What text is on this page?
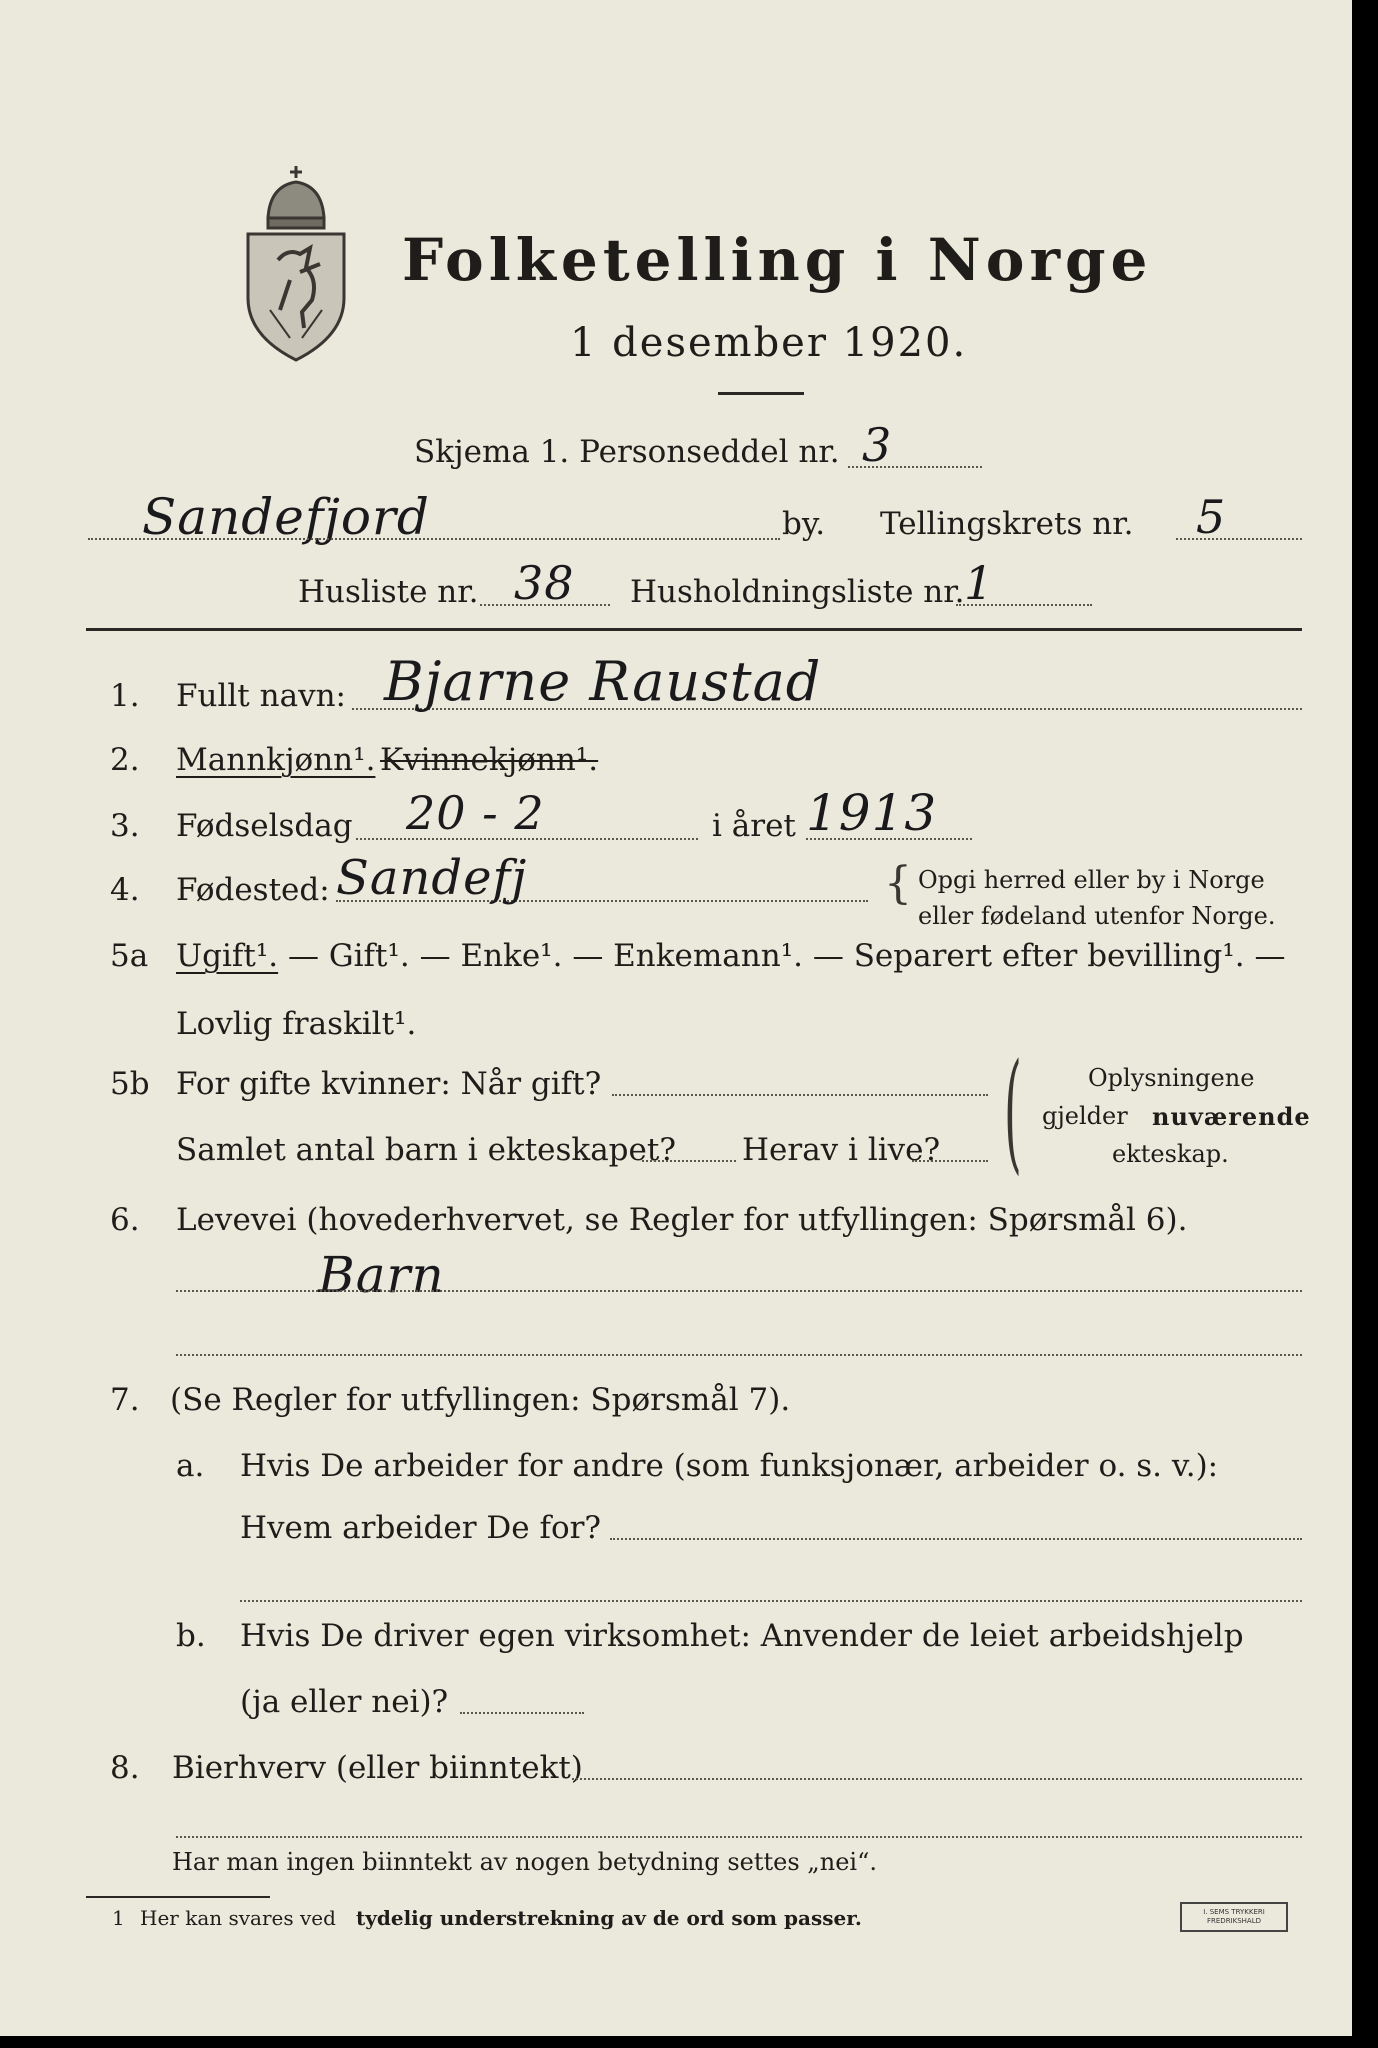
Folketelling i Norge
1 desember 1920.
Skjema 1. Personseddel nr. 3
Sandefjord	by. Tellingskrets nr. 5
Husliste nr. 38 Husholdningsliste nr. 1
1. Fullt navn: Bjarne Raustad
2. Mannkjønn¹. Kvinnekjønn¹.
3. Fødselsdag 20 - 2	i året 1913
4. Fødested: Sandefj	{ Opgi herred eller by i Norge
eller fødeland utenfor Norge.
5a Ugift¹. — Gift¹. — Enke¹. — Enkemann¹. — Separert efter bevilling¹. —
Lovlig fraskilt¹.
5b For gifte kvinner: Når gift?
Samlet antal barn i ekteskapet? Herav i live? (	Oplysningene
gjelder nuværende
ekteskap.
6. Levevei (hovederhvervet, se Regler for utfyllingen: Spørsmål 6).
Barn
7. (Se Regler for utfyllingen: Spørsmål 7).
a. Hvis De arbeider for andre (som funksjonær, arbeider o. s. v.):
Hvem arbeider De for?
b. Hvis De driver egen virksomhet: Anvender de leiet arbeidshjelp
(ja eller nei)?
8. Bierhverv (eller biinntekt)
Har man ingen biinntekt av nogen betydning settes „nei“.
1 Her kan svares ved tydelig understrekning av de ord som passer.	I. SEMS TRYKKERI
FREDRIKSHALD
